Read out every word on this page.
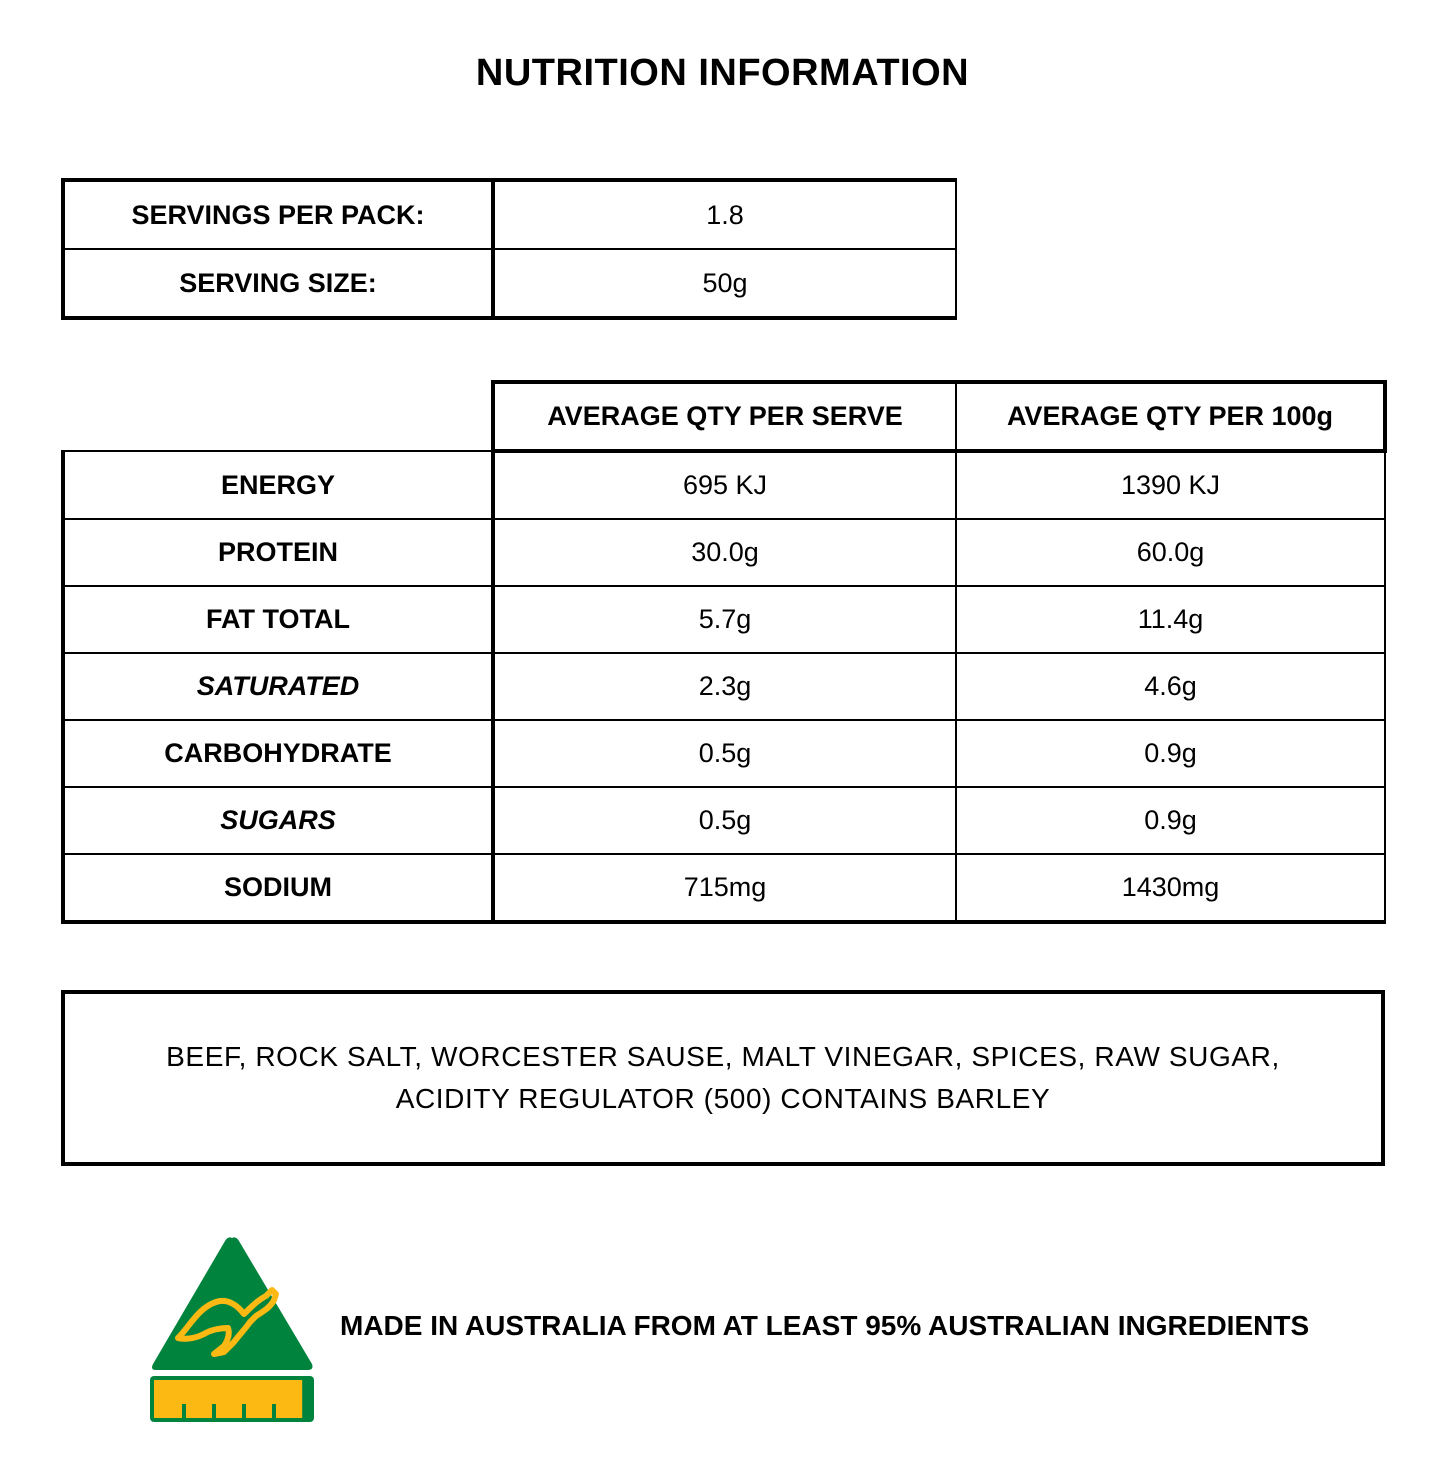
NUTRITION INFORMATION
SERVINGS PER PACK:	1.8
SERVING SIZE:	50g
	AVERAGE QTY PER SERVE	AVERAGE QTY PER 100g
ENERGY	695 KJ	1390 KJ
PROTEIN	30.0g	60.0g
FAT TOTAL	5.7g	11.4g
SATURATED	2.3g	4.6g
CARBOHYDRATE	0.5g	0.9g
SUGARS	0.5g	0.9g
SODIUM	715mg	1430mg
BEEF, ROCK SALT, WORCESTER SAUSE, MALT VINEGAR, SPICES, RAW SUGAR, ACIDITY REGULATOR (500) CONTAINS BARLEY
MADE IN AUSTRALIA FROM AT LEAST 95% AUSTRALIAN INGREDIENTS
